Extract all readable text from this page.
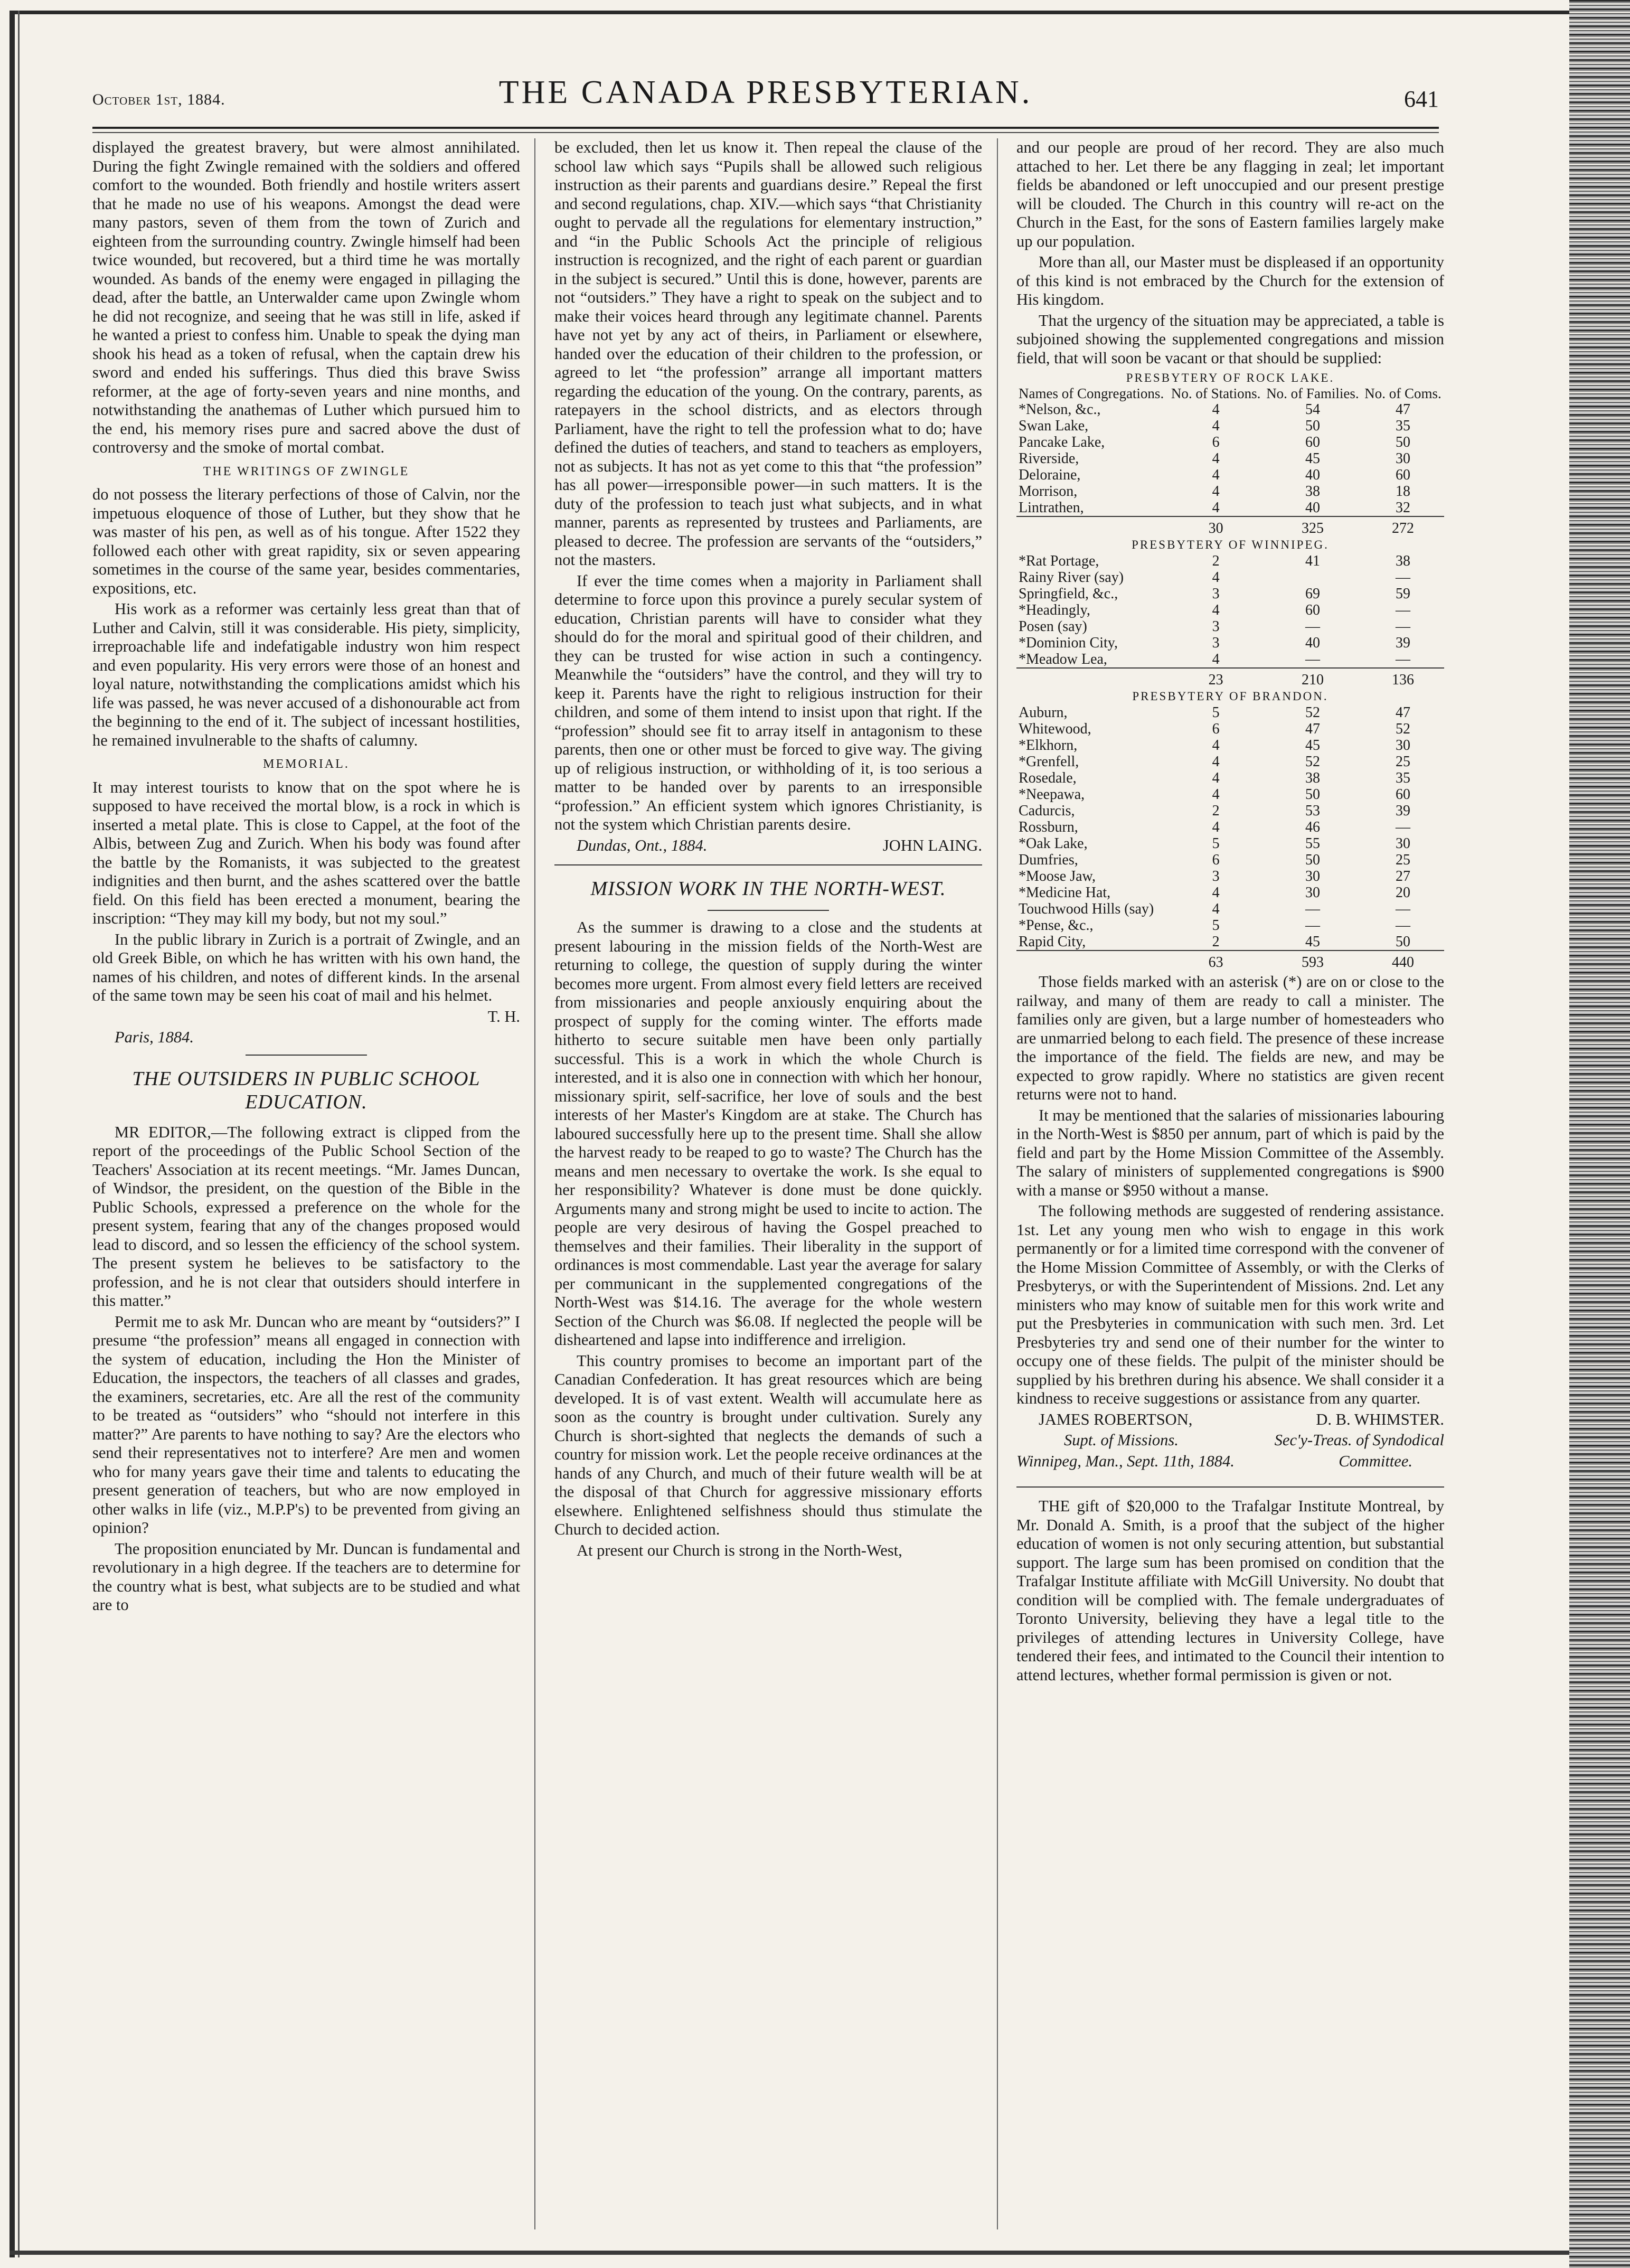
THE CANADA PRESBYTERIAN.
October 1st, 1884.	641

displayed the greatest bravery, but were almost annihilated. During the fight Zwingle remained with the soldiers and offered comfort to the wounded. Both friendly and hostile writers assert that he made no use of his weapons. Amongst the dead were many pastors, seven of them from the town of Zurich and eighteen from the surrounding country. Zwingle himself had been twice wounded, but recovered, but a third time he was mortally wounded. As bands of the enemy were engaged in pillaging the dead, after the battle, an Unterwalder came upon Zwingle whom he did not recognize, and seeing that he was still in life, asked if he wanted a priest to confess him. Unable to speak the dying man shook his head as a token of refusal, when the captain drew his sword and ended his sufferings. Thus died this brave Swiss reformer, at the age of forty-seven years and nine months, and notwithstanding the anathemas of Luther which pursued him to the end, his memory rises pure and sacred above the dust of controversy and the smoke of mortal combat.

THE WRITINGS OF ZWINGLE

do not possess the literary perfections of those of Calvin, nor the impetuous eloquence of those of Luther, but they show that he was master of his pen, as well as of his tongue. After 1522 they followed each other with great rapidity, six or seven appearing sometimes in the course of the same year, besides commentaries, expositions, etc.

His work as a reformer was certainly less great than that of Luther and Calvin, still it was considerable. His piety, simplicity, irreproachable life and indefatigable industry won him respect and even popularity. His very errors were those of an honest and loyal nature, notwithstanding the complications amidst which his life was passed, he was never accused of a dishonourable act from the beginning to the end of it. The subject of incessant hostilities, he remained invulnerable to the shafts of calumny.

MEMORIAL.

It may interest tourists to know that on the spot where he is supposed to have received the mortal blow, is a rock in which is inserted a metal plate. This is close to Cappel, at the foot of the Albis, between Zug and Zurich. When his body was found after the battle by the Romanists, it was subjected to the greatest indignities and then burnt, and the ashes scattered over the battle field. On this field has been erected a monument, bearing the inscription: “They may kill my body, but not my soul.”

In the public library in Zurich is a portrait of Zwingle, and an old Greek Bible, on which he has written with his own hand, the names of his children, and notes of different kinds. In the arsenal of the same town may be seen his coat of mail and his helmet.

T. H.
Paris, 1884.
THE OUTSIDERS IN PUBLIC SCHOOL EDUCATION.

MR EDITOR,—The following extract is clipped from the report of the proceedings of the Public School Section of the Teachers' Association at its recent meetings. “Mr. James Duncan, of Windsor, the president, on the question of the Bible in the Public Schools, expressed a preference on the whole for the present system, fearing that any of the changes proposed would lead to discord, and so lessen the efficiency of the school system. The present system he believes to be satisfactory to the profession, and he is not clear that outsiders should interfere in this matter.”

Permit me to ask Mr. Duncan who are meant by “outsiders?” I presume “the profession” means all engaged in connection with the system of education, including the Hon the Minister of Education, the inspectors, the teachers of all classes and grades, the examiners, secretaries, etc. Are all the rest of the community to be treated as “outsiders” who “should not interfere in this matter?” Are parents to have nothing to say? Are the electors who send their representatives not to interfere? Are men and women who for many years gave their time and talents to educating the present generation of teachers, but who are now employed in other walks in life (viz., M.P.P's) to be prevented from giving an opinion?

The proposition enunciated by Mr. Duncan is fundamental and revolutionary in a high degree. If the teachers are to determine for the country what is best, what subjects are to be studied and what are to

be excluded, then let us know it. Then repeal the clause of the school law which says “Pupils shall be allowed such religious instruction as their parents and guardians desire.” Repeal the first and second regulations, chap. XIV.—which says “that Christianity ought to pervade all the regulations for elementary instruction,” and “in the Public Schools Act the principle of religious instruction is recognized, and the right of each parent or guardian in the subject is secured.” Until this is done, however, parents are not “outsiders.” They have a right to speak on the subject and to make their voices heard through any legitimate channel. Parents have not yet by any act of theirs, in Parliament or elsewhere, handed over the education of their children to the profession, or agreed to let “the profession” arrange all important matters regarding the education of the young. On the contrary, parents, as ratepayers in the school districts, and as electors through Parliament, have the right to tell the profession what to do; have defined the duties of teachers, and stand to teachers as employers, not as subjects. It has not as yet come to this that “the profession” has all power—irresponsible power—in such matters. It is the duty of the profession to teach just what subjects, and in what manner, parents as represented by trustees and Parliaments, are pleased to decree. The profession are servants of the “outsiders,” not the masters.

If ever the time comes when a majority in Parliament shall determine to force upon this province a purely secular system of education, Christian parents will have to consider what they should do for the moral and spiritual good of their children, and they can be trusted for wise action in such a contingency. Meanwhile the “outsiders” have the control, and they will try to keep it. Parents have the right to religious instruction for their children, and some of them intend to insist upon that right. If the “profession” should see fit to array itself in antagonism to these parents, then one or other must be forced to give way. The giving up of religious instruction, or withholding of it, is too serious a matter to be handed over by parents to an irresponsible “profession.” An efficient system which ignores Christianity, is not the system which Christian parents desire.

Dundas, Ont., 1884.	JOHN LAING.
MISSION WORK IN THE NORTH-WEST.

As the summer is drawing to a close and the students at present labouring in the mission fields of the North-West are returning to college, the question of supply during the winter becomes more urgent. From almost every field letters are received from missionaries and people anxiously enquiring about the prospect of supply for the coming winter. The efforts made hitherto to secure suitable men have been only partially successful. This is a work in which the whole Church is interested, and it is also one in connection with which her honour, missionary spirit, self-sacrifice, her love of souls and the best interests of her Master's Kingdom are at stake. The Church has laboured successfully here up to the present time. Shall she allow the harvest ready to be reaped to go to waste? The Church has the means and men necessary to overtake the work. Is she equal to her responsibility? Whatever is done must be done quickly. Arguments many and strong might be used to incite to action. The people are very desirous of having the Gospel preached to themselves and their families. Their liberality in the support of ordinances is most commendable. Last year the average for salary per communicant in the supplemented congregations of the North-West was $14.16. The average for the whole western Section of the Church was $6.08. If neglected the people will be disheartened and lapse into indifference and irreligion.

This country promises to become an important part of the Canadian Confederation. It has great resources which are being developed. It is of vast extent. Wealth will accumulate here as soon as the country is brought under cultivation. Surely any Church is short-sighted that neglects the demands of such a country for mission work. Let the people receive ordinances at the hands of any Church, and much of their future wealth will be at the disposal of that Church for aggressive missionary efforts elsewhere. Enlightened selfishness should thus stimulate the Church to decided action.

At present our Church is strong in the North-West,

and our people are proud of her record. They are also much attached to her. Let there be any flagging in zeal; let important fields be abandoned or left unoccupied and our present prestige will be clouded. The Church in this country will re-act on the Church in the East, for the sons of Eastern families largely make up our population.

More than all, our Master must be displeased if an opportunity of this kind is not embraced by the Church for the extension of His kingdom.

That the urgency of the situation may be appreciated, a table is subjoined showing the supplemented congregations and mission field, that will soon be vacant or that should be supplied:

PRESBYTERY OF ROCK LAKE.			
Names of Congregations.	No. of Stations.	No. of Families.	No. of Coms.
*Nelson, &c.,	4	54	47
Swan Lake,	4	50	35
Pancake Lake,	6	60	50
Riverside,	4	45	30
Deloraine,	4	40	60
Morrison,	4	38	18
Lintrathen,	4	40	32
	30	325	272
PRESBYTERY OF WINNIPEG.			
*Rat Portage,	2	41	38
Rainy River (say)	4		—
Springfield, &c.,	3	69	59
*Headingly,	4	60	—
Posen (say)	3	—	—
*Dominion City,	3	40	39
*Meadow Lea,	4	—	—
	23	210	136
PRESBYTERY OF BRANDON.			
Auburn,	5	52	47
Whitewood,	6	47	52
*Elkhorn,	4	45	30
*Grenfell,	4	52	25
Rosedale,	4	38	35
*Neepawa,	4	50	60
Cadurcis,	2	53	39
Rossburn,	4	46	—
*Oak Lake,	5	55	30
Dumfries,	6	50	25
*Moose Jaw,	3	30	27
*Medicine Hat,	4	30	20
Touchwood Hills (say)	4	—	—
*Pense, &c.,	5	—	—
Rapid City,	2	45	50
	63	593	440

Those fields marked with an asterisk (*) are on or close to the railway, and many of them are ready to call a minister. The families only are given, but a large number of homesteaders who are unmarried belong to each field. The presence of these increase the importance of the field. The fields are new, and may be expected to grow rapidly. Where no statistics are given recent returns were not to hand.

It may be mentioned that the salaries of missionaries labouring in the North-West is $850 per annum, part of which is paid by the field and part by the Home Mission Committee of the Assembly. The salary of ministers of supplemented congregations is $900 with a manse or $950 without a manse.

The following methods are suggested of rendering assistance. 1st. Let any young men who wish to engage in this work permanently or for a limited time correspond with the convener of the Home Mission Committee of Assembly, or with the Clerks of Presbyterys, or with the Superintendent of Missions. 2nd. Let any ministers who may know of suitable men for this work write and put the Presbyteries in communication with such men. 3rd. Let Presbyteries try and send one of their number for the winter to occupy one of these fields. The pulpit of the minister should be supplied by his brethren during his absence. We shall consider it a kindness to receive suggestions or assistance from any quarter.

JAMES ROBERTSON,	D. B. WHIMSTER.
Supt. of Missions.	Sec'y-Treas. of Syndodical
Winnipeg, Man., Sept. 11th, 1884.	Committee.

THE gift of $20,000 to the Trafalgar Institute Montreal, by Mr. Donald A. Smith, is a proof that the subject of the higher education of women is not only securing attention, but substantial support. The large sum has been promised on condition that the Trafalgar Institute affiliate with McGill University. No doubt that condition will be complied with. The female undergraduates of Toronto University, believing they have a legal title to the privileges of attending lectures in University College, have tendered their fees, and intimated to the Council their intention to attend lectures, whether formal permission is given or not.
